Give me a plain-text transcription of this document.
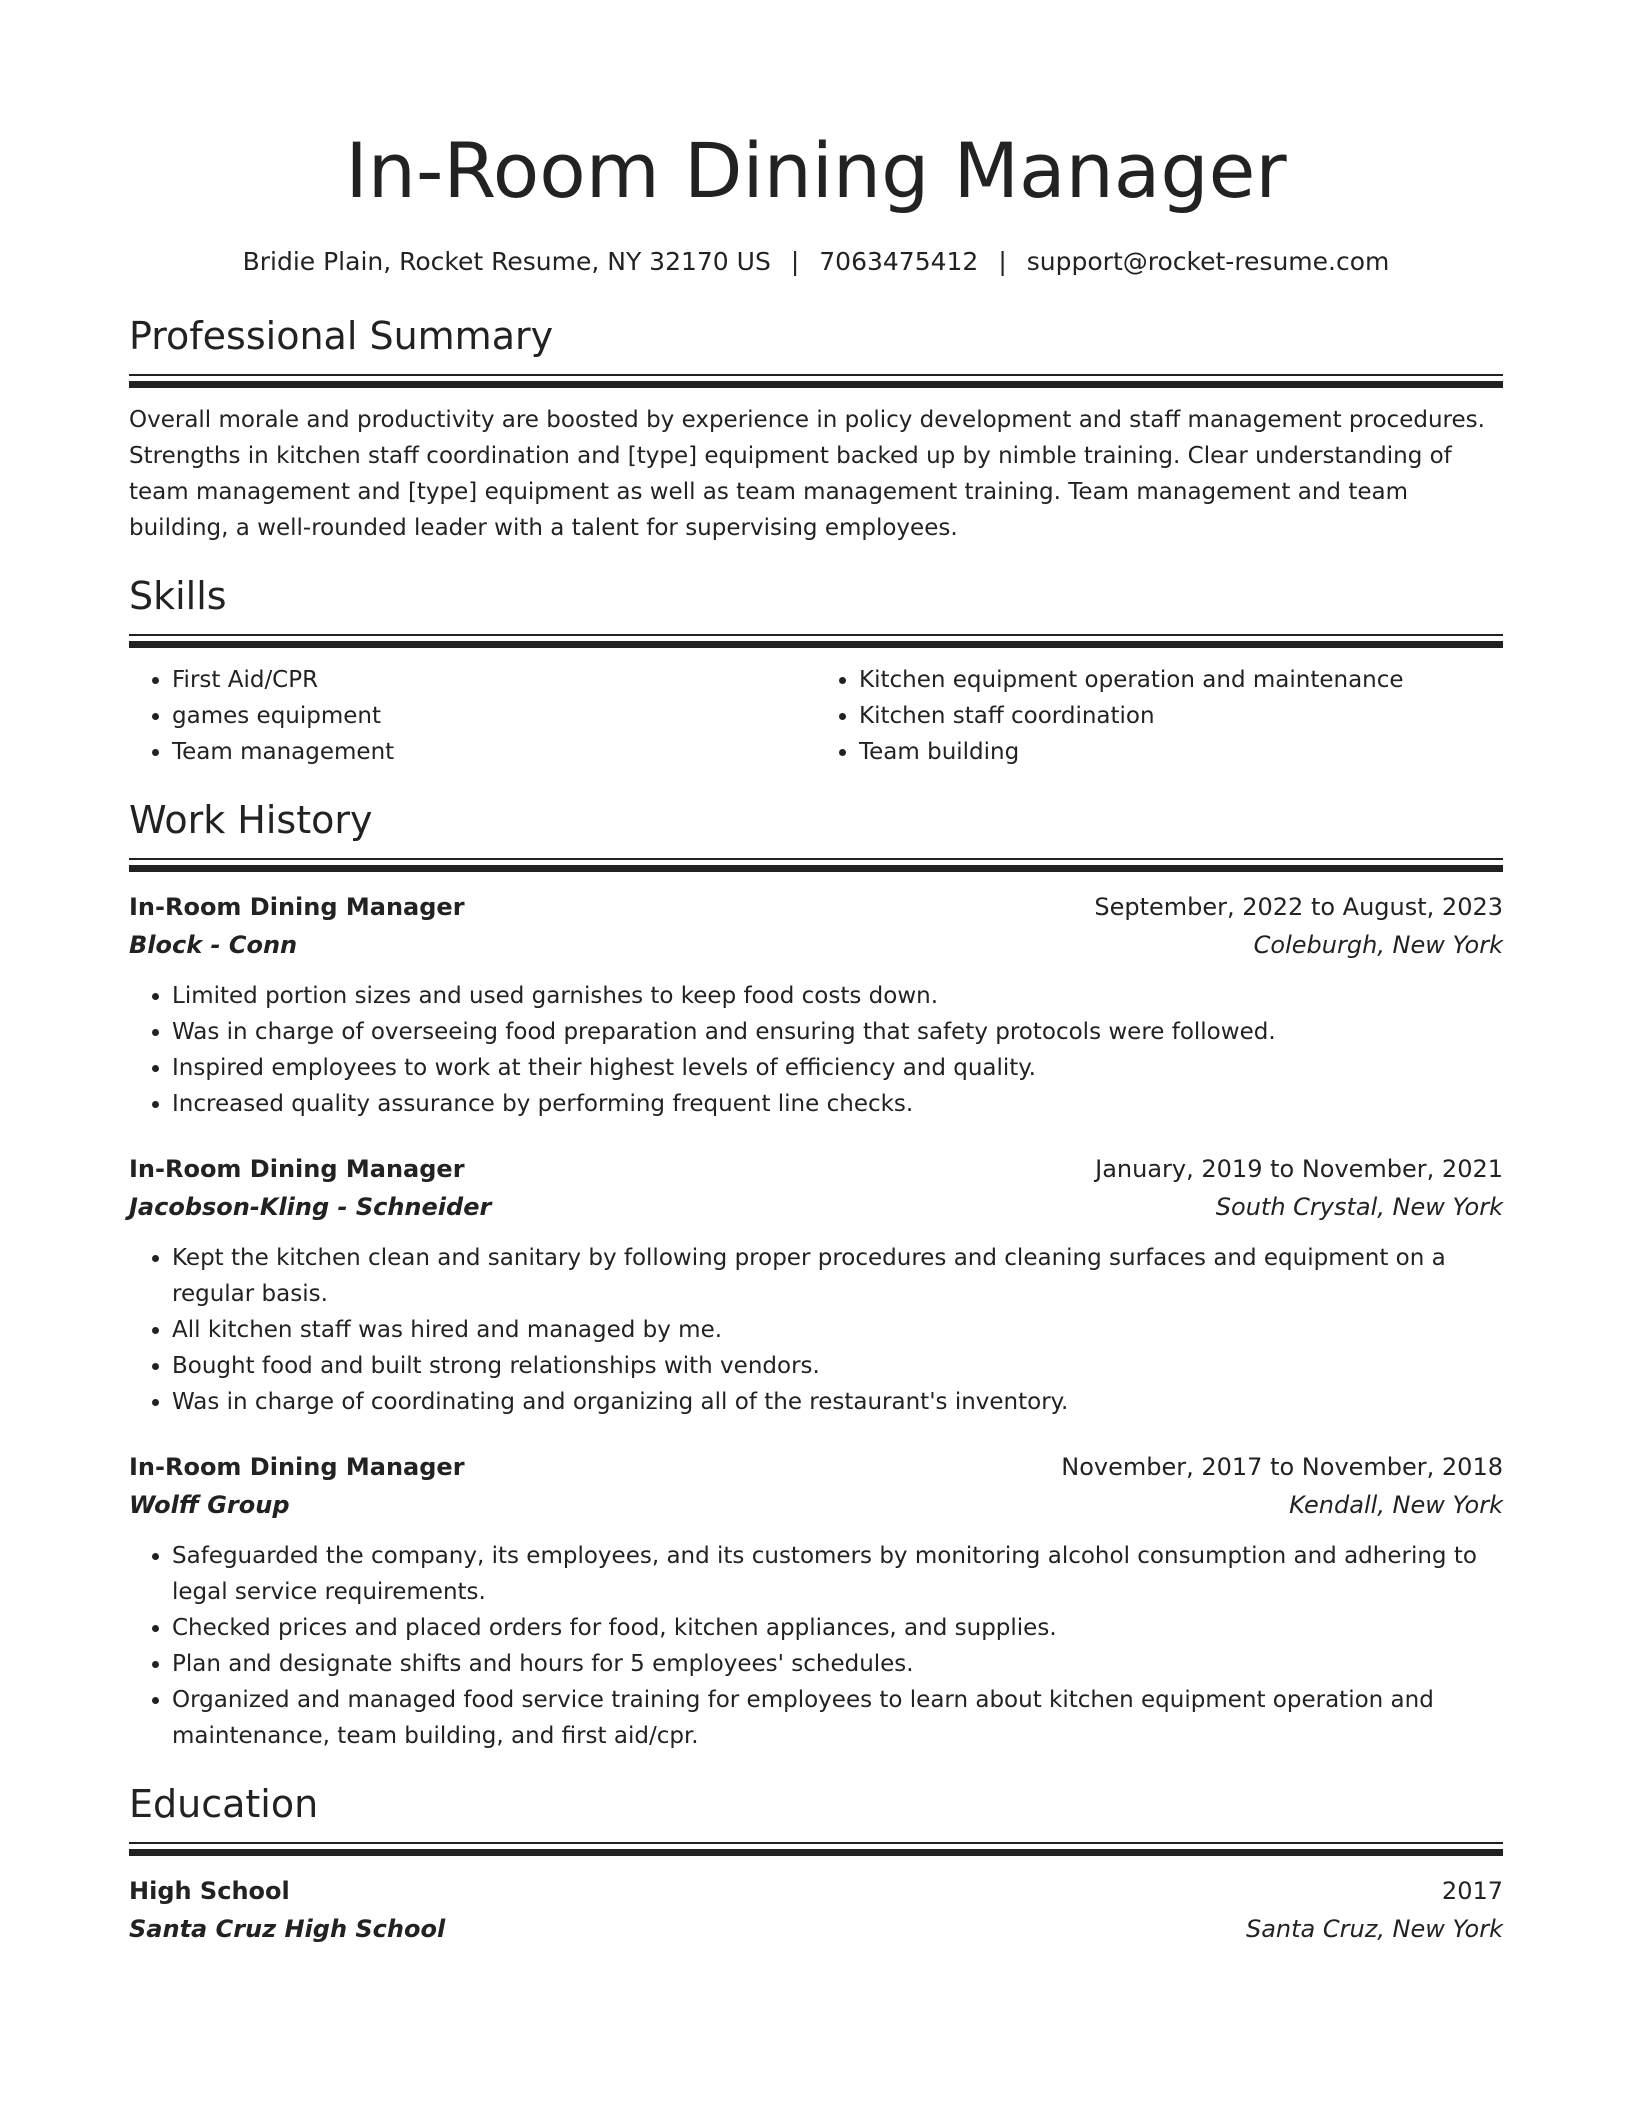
In-Room Dining Manager
Bridie Plain, Rocket Resume, NY 32170 US | 7063475412 | support@rocket-resume.com
Professional Summary
Overall morale and productivity are boosted by experience in policy development and staff management procedures. Strengths in kitchen staff coordination and [type] equipment backed up by nimble training. Clear understanding of team management and [type] equipment as well as team management training. Team management and team building, a well-rounded leader with a talent for supervising employees.
Skills
• First Aid/CPR
• games equipment
• Team management
• Kitchen equipment operation and maintenance
• Kitchen staff coordination
• Team building
Work History
In-Room Dining Manager	September, 2022 to August, 2023
Block - Conn	Coleburgh, New York
• Limited portion sizes and used garnishes to keep food costs down.
• Was in charge of overseeing food preparation and ensuring that safety protocols were followed.
• Inspired employees to work at their highest levels of efficiency and quality.
• Increased quality assurance by performing frequent line checks.
In-Room Dining Manager	January, 2019 to November, 2021
Jacobson-Kling - Schneider	South Crystal, New York
• Kept the kitchen clean and sanitary by following proper procedures and cleaning surfaces and equipment on a regular basis.
• All kitchen staff was hired and managed by me.
• Bought food and built strong relationships with vendors.
• Was in charge of coordinating and organizing all of the restaurant's inventory.
In-Room Dining Manager	November, 2017 to November, 2018
Wolff Group	Kendall, New York
• Safeguarded the company, its employees, and its customers by monitoring alcohol consumption and adhering to legal service requirements.
• Checked prices and placed orders for food, kitchen appliances, and supplies.
• Plan and designate shifts and hours for 5 employees' schedules.
• Organized and managed food service training for employees to learn about kitchen equipment operation and maintenance, team building, and first aid/cpr.
Education
High School	2017
Santa Cruz High School	Santa Cruz, New York
